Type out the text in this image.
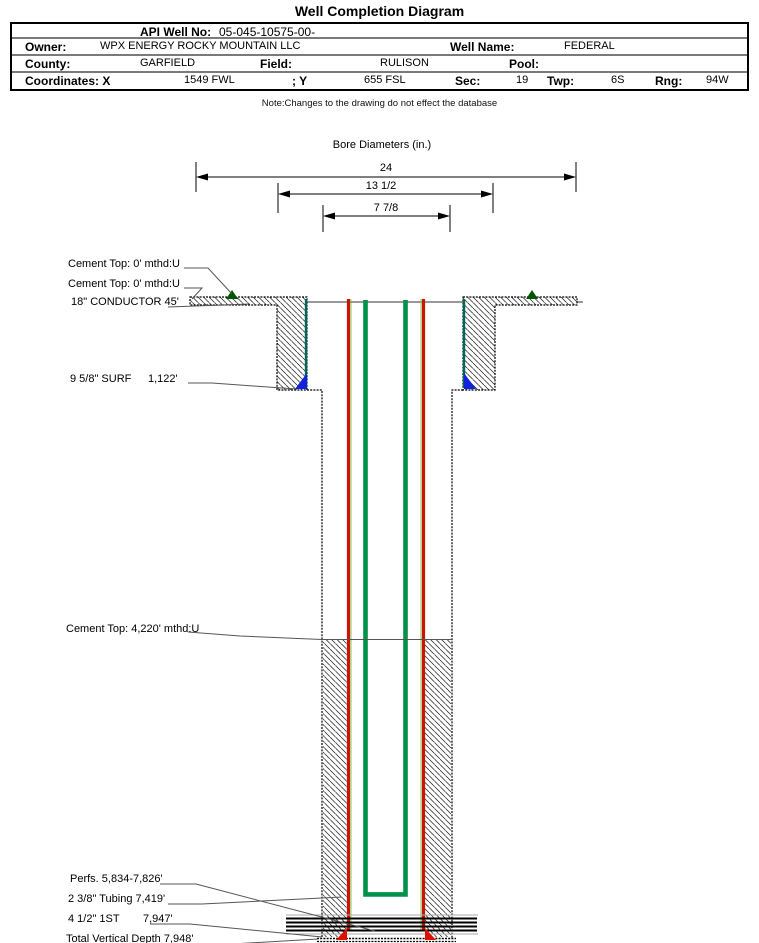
Well Completion Diagram
API Well No: 05-045-10575-00-
Owner:	WPX ENERGY ROCKY MOUNTAIN LLC	Well Name:	FEDERAL
County:	GARFIELD	Field:	RULISON	Pool:
Coordinates: X	1549 FWL	; Y	655 FSL	Sec:	19 Twp:	6S	Rng: 94W
Note:Changes to the drawing do not effect the database
Bore Diameters (in.)
24
13 1/2
7 7/8
Cement Top: 0' mthd:U
Cement Top: 0' mthd:U
18" CONDUCTOR 45'
9 5/8" SURF 1,122'
Cement Top: 4,220' mthd:U
Perfs. 5,834-7,826'
2 3/8" Tubing 7,419'
4 1/2" 1ST 7,947'
Total Vertical Depth 7,948'
